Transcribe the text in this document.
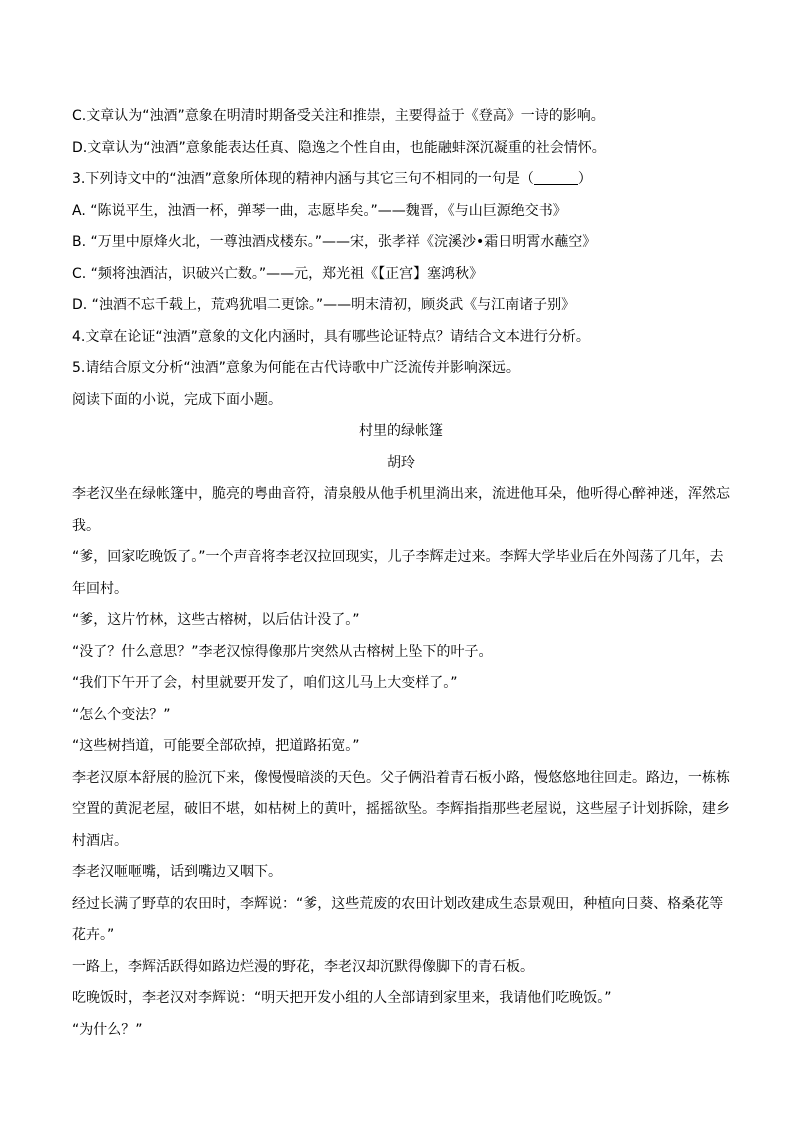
C.文章认为“浊酒”意象在明清时期备受关注和推崇，主要得益于《登高》一诗的影响。
D.文章认为“浊酒”意象能表达任真、隐逸之个性自由，也能融蚌深沉凝重的社会情怀。
3.下列诗文中的“浊酒”意象所体现的精神内涵与其它三句不相同的一句是（	）
A. “陈说平生，浊酒一杯，弹琴一曲，志愿毕矣。”——魏晋，《与山巨源绝交书》
B. “万里中原烽火北，一尊浊酒戍楼东。”——宋，张孝祥《浣溪沙•霜日明霄水蘸空》
C. “频将浊酒沽，识破兴亡数。”——元，郑光祖《【正宫】塞鸿秋》
D. “浊酒不忘千载上，荒鸡犹唱二更馀。”——明末清初，顾炎武《与江南诸子别》
4.文章在论证“浊酒”意象的文化内涵时，具有哪些论证特点？请结合文本进行分析。
5.请结合原文分析“浊酒”意象为何能在古代诗歌中广泛流传并影响深远。
阅读下面的小说，完成下面小题。
村里的绿帐篷
胡玲
李老汉坐在绿帐篷中，脆亮的粤曲音符，清泉般从他手机里淌出来，流进他耳朵，他听得心醉神迷，浑然忘我。
“爹，回家吃晚饭了。”一个声音将李老汉拉回现实，儿子李辉走过来。李辉大学毕业后在外闯荡了几年，去年回村。
“爹，这片竹林，这些古榕树，以后估计没了。”
“没了？什么意思？”李老汉惊得像那片突然从古榕树上坠下的叶子。
“我们下午开了会，村里就要开发了，咱们这儿马上大变样了。”
“怎么个变法？”
“这些树挡道，可能要全部砍掉，把道路拓宽。”
李老汉原本舒展的脸沉下来，像慢慢暗淡的天色。父子俩沿着青石板小路，慢悠悠地往回走。路边，一栋栋空置的黄泥老屋，破旧不堪，如枯树上的黄叶，摇摇欲坠。李辉指指那些老屋说，这些屋子计划拆除，建乡村酒店。
李老汉咂咂嘴，话到嘴边又咽下。
经过长满了野草的农田时，李辉说：“爹，这些荒废的农田计划改建成生态景观田，种植向日葵、格桑花等花卉。”
一路上，李辉活跃得如路边烂漫的野花，李老汉却沉默得像脚下的青石板。
吃晚饭时，李老汉对李辉说：“明天把开发小组的人全部请到家里来，我请他们吃晚饭。”
“为什么？”
